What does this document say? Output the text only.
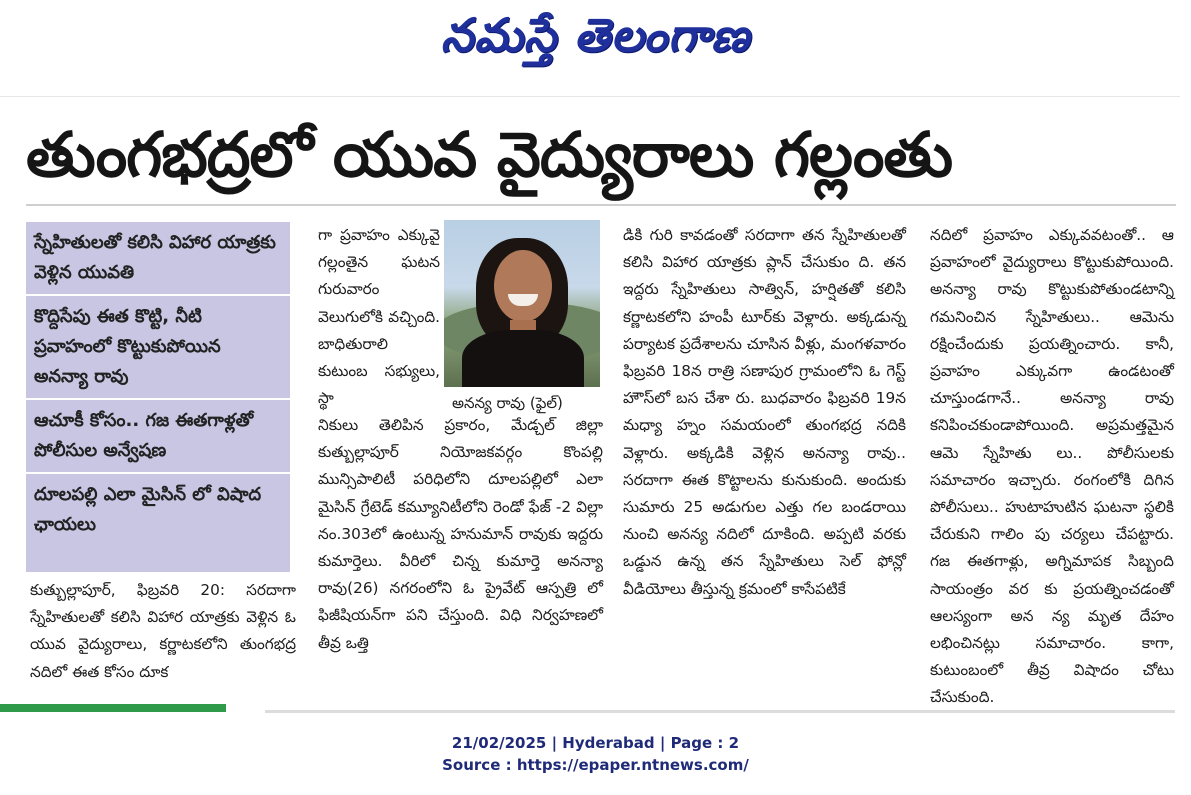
నమస్తే తెలంగాణ
తుంగభద్రలో యువ వైద్యురాలు గల్లంతు
స్నేహితులతో కలిసి విహార యాత్రకు వెళ్లిన యువతి
కొద్దిసేపు ఈత కొట్టి, నీటి ప్రవాహంలో కొట్టుకుపోయిన అనన్యా రావు
ఆచూకీ కోసం.. గజ ఈతగాళ్లతో పోలీసుల అన్వేషణ
దూలపల్లి ఎలా మైసిన్ లో విషాద ఛాయలు

కుత్బుల్లాపూర్, ఫిబ్రవరి 20: సరదాగా స్నేహితులతో కలిసి విహార యాత్రకు వెళ్లిన ఓ యువ వైద్యురాలు, కర్ణాటకలోని తుంగభద్ర నదిలో ఈత కోసం దూక

గా ప్రవాహం ఎక్కువై గల్లంతైన ఘటన గురువారం వెలుగులోకి వచ్చింది. బాధితురాలి కుటుంబ సభ్యులు, స్థా	అనన్య రావు (ఫైల్)

నికులు తెలిపిన ప్రకారం, మేడ్చల్ జిల్లా కుత్బుల్లాపూర్ నియోజకవర్గం కొంపల్లి మున్సిపాలిటీ పరిధిలోని దూలపల్లిలో ఎలా మైసిన్ గ్రేటెడ్ కమ్యూనిటీలోని రెండో ఫేజ్ -2 విల్లా నం.303లో ఉంటున్న హనుమాన్ రావుకు ఇద్దరు కుమార్తెలు. వీరిలో చిన్న కుమార్తె అనన్యా రావు(26) నగరంలోని ఓ ప్రైవేట్ ఆస్పత్రి లో ఫిజీషియన్‌గా పని చేస్తుంది. విధి నిర్వహణలో తీవ్ర ఒత్తి

డికి గురి కావడంతో సరదాగా తన స్నేహితులతో కలిసి విహార యాత్రకు ప్లాన్ చేసుకుం ది. తన ఇద్దరు స్నేహితులు సాత్విన్, హర్షితతో కలిసి కర్ణాటకలోని హంపీ టూర్‌కు వెళ్లారు. అక్కడున్న పర్యాటక ప్రదేశాలను చూసిన వీళ్లు, మంగళవారం ఫిబ్రవరి 18న రాత్రి సణాపుర గ్రామంలోని ఓ గెస్ట్ హౌస్‌లో బస చేశా రు. బుధవారం ఫిబ్రవరి 19న మధ్యా హ్నం సమయంలో తుంగభద్ర నదికి వెళ్లారు. అక్కడికి వెళ్లిన అనన్యా రావు.. సరదాగా ఈత కొట్టాలను కునుకుంది. అందుకు సుమారు 25 అడుగుల ఎత్తు గల బండరాయి నుంచి అనన్య నదిలో దూకింది. అప్పటి వరకు ఒడ్డున ఉన్న తన స్నేహితులు సెల్ ఫోన్లో వీడియోలు తీస్తున్న క్రమంలో కాసేపటికే

నదిలో ప్రవాహం ఎక్కువవటంతో.. ఆ ప్రవాహంలో వైద్యురాలు కొట్టుకుపోయింది. అనన్యా రావు కొట్టుకుపోతుండటాన్ని గమనించిన స్నేహితులు.. ఆమెను రక్షించేందుకు ప్రయత్నించారు. కానీ, ప్రవాహం ఎక్కువగా ఉండటంతో చూస్తుండగానే.. అనన్యా రావు కనిపించకుండాపోయింది. అప్రమత్తమైన ఆమె స్నేహితు లు.. పోలీసులకు సమాచారం ఇచ్చారు. రంగంలోకి దిగిన పోలీసులు.. హుటాహుటిన ఘటనా స్థలికి చేరుకుని గాలిం పు చర్యలు చేపట్టారు. గజ ఈతగాళ్లు, అగ్నిమాపక సిబ్బంది సాయంత్రం వర కు ప్రయత్నించడంతో ఆలస్యంగా అన న్య మృత దేహం లభించినట్లు సమాచారం. కాగా, కుటుంబంలో తీవ్ర విషాదం చోటు చేసుకుంది.

21/02/2025 | Hyderabad | Page : 2
Source : https://epaper.ntnews.com/
